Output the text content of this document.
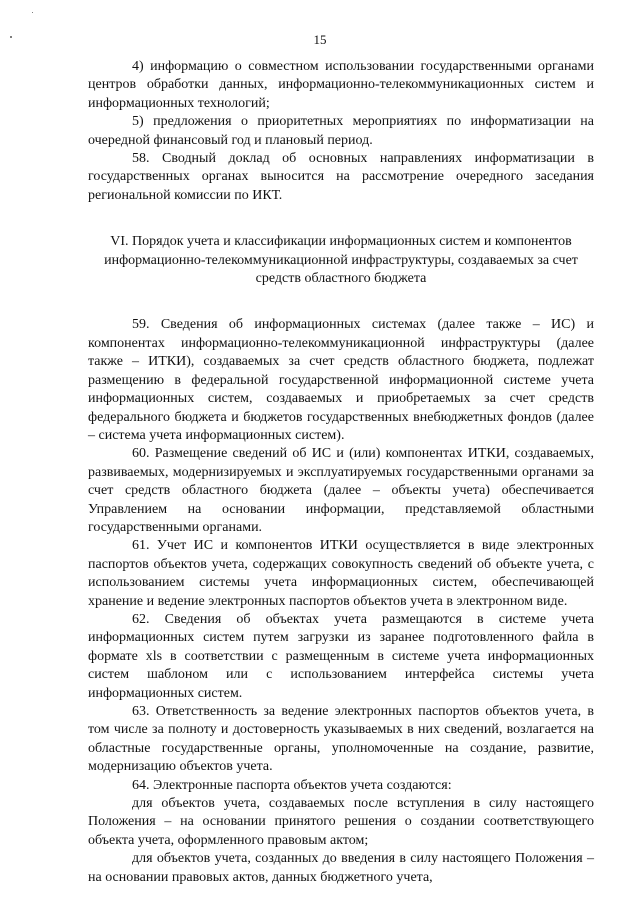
15

4) информацию о совместном использовании государственными органами центров обработки данных, информационно-телекоммуникационных систем и информационных технологий;

5) предложения о приоритетных мероприятиях по информатизации на очередной финансовый год и плановый период.

58. Сводный доклад об основных направлениях информатизации в государственных органах выносится на рассмотрение очередного заседания региональной комиссии по ИКТ.

VI. Порядок учета и классификации информационных систем и компонентов информационно-телекоммуникационной инфраструктуры, создаваемых за счет средств областного бюджета

59. Сведения об информационных системах (далее также – ИС) и компонентах информационно-телекоммуникационной инфраструктуры (далее также – ИТКИ), создаваемых за счет средств областного бюджета, подлежат размещению в федеральной государственной информационной системе учета информационных систем, создаваемых и приобретаемых за счет средств федерального бюджета и бюджетов государственных внебюджетных фондов (далее – система учета информационных систем).

60. Размещение сведений об ИС и (или) компонентах ИТКИ, создаваемых, развиваемых, модернизируемых и эксплуатируемых государственными органами за счет средств областного бюджета (далее – объекты учета) обеспечивается Управлением на основании информации, представляемой областными государственными органами.

61. Учет ИС и компонентов ИТКИ осуществляется в виде электронных паспортов объектов учета, содержащих совокупность сведений об объекте учета, с использованием системы учета информационных систем, обеспечивающей хранение и ведение электронных паспортов объектов учета в электронном виде.

62. Сведения об объектах учета размещаются в системе учета информационных систем путем загрузки из заранее подготовленного файла в формате xls в соответствии с размещенным в системе учета информационных систем шаблоном или с использованием интерфейса системы учета информационных систем.

63. Ответственность за ведение электронных паспортов объектов учета, в том числе за полноту и достоверность указываемых в них сведений, возлагается на областные государственные органы, уполномоченные на создание, развитие, модернизацию объектов учета.

64. Электронные паспорта объектов учета создаются:

для объектов учета, создаваемых после вступления в силу настоящего Положения – на основании принятого решения о создании соответствующего объекта учета, оформленного правовым актом;

для объектов учета, созданных до введения в силу настоящего Положения – на основании правовых актов, данных бюджетного учета,
